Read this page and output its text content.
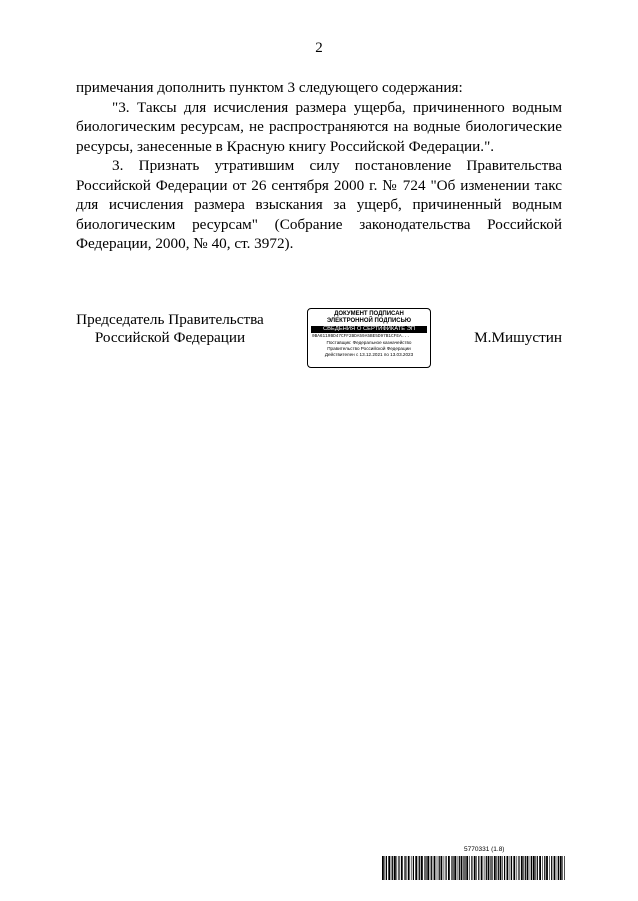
2

примечания дополнить пунктом 3 следующего содержания:

"3. Таксы для исчисления размера ущерба, причиненного водным биологическим ресурсам, не распространяются на водные биологические ресурсы, занесенные в Красную книгу Российской Федерации.".

3. Признать утратившим силу постановление Правительства Российской Федерации от 26 сентября 2000 г. № 724 "Об изменении такс для исчисления размера взыскания за ущерб, причиненный водным биологическим ресурсам" (Собрание законодательства Российской Федерации, 2000, № 40, ст. 3972).

Председатель Правительства
Российской Федерации
ДОКУМЕНТ ПОДПИСАН
ЭЛЕКТРОННОЙ ПОДПИСЬЮ
СВЕДЕНИЯ О СЕРТИФИКАТЕ ЭП
0BA6119BD47CFF2BDA59A5BE5D97B1CFEA...
Поставщик: Федеральное казначейство
Правительство Российской Федерации
Действителен с 13.12.2021 по 13.03.2023
М.Мишустин
5770331 (1.8)
